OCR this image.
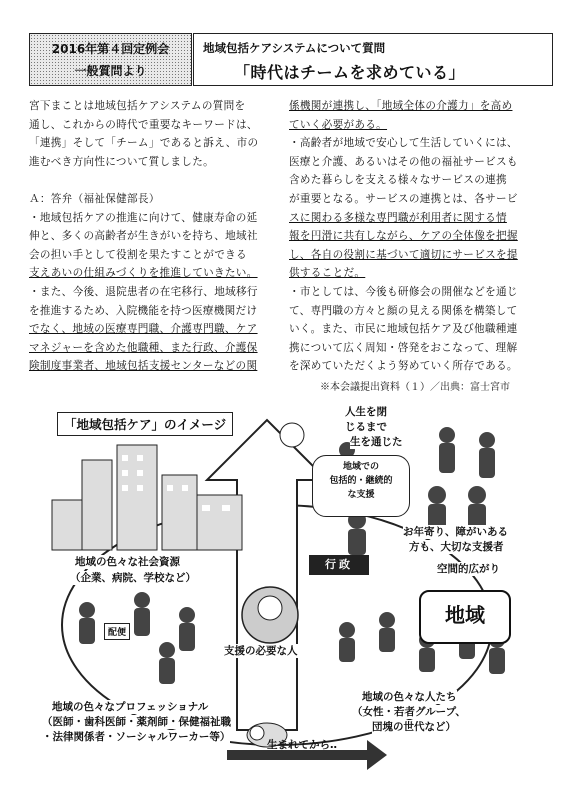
2016年第４回定例会
一般質問より
地域包括ケアシステムについて質問
「時代はチームを求めている」

宮下まことは地域包括ケアシステムの質問を

通し、これからの時代で重要なキーワードは、

「連携」そして「チーム」であると訴え、市の

進むべき方向性について質しました。

Ａ：答弁（福祉保健部長）

・地域包括ケアの推進に向けて、健康寿命の延

伸と、多くの高齢者が生きがいを持ち、地域社

会の担い手として役割を果たすことができる

支えあいの仕組みづくりを推進していきたい。

・また、今後、退院患者の在宅移行、地域移行

を推進するため、入院機能を持つ医療機関だけ

でなく、地域の医療専門職、介護専門職、ケア

マネジャーを含めた他職種、また行政、介護保

険制度事業者、地域包括支援センターなどの関

係機関が連携し、「地域全体の介護力」を高め

ていく必要がある。

・高齢者が地域で安心して生活していくには、

医療と介護、あるいはその他の福祉サービスも

含めた暮らしを支える様々なサービスの連携

が重要となる。サービスの連携とは、各サービ

スに関わる多様な専門職が利用者に関する情

報を円滑に共有しながら、ケアの全体像を把握

し、各自の役割に基づいて適切にサービスを提

供することだ。

・市としては、今後も研修会の開催などを通じ

て、専門職の方々と顔の見える関係を構築して

いく。また、市民に地域包括ケア及び他職種連

携について広く周知・啓発をおこなって、理解

を深めていただくよう努めていく所存である。

※本会議提出資料（１）／出典：富士宮市
「地域包括ケア」のイメージ
人生を閉
じるまで
生を通じた
地域での
包括的・継続的
な支援
お年寄り、障がいある
方も、大切な支援者
空間的広がり
地域
地域の色々な社会資源
（企業、病院、学校など）
行政
配便
支援の必要な人
地域の色々なプロフェッショナル
（医師・歯科医師・薬剤師・保健福祉職
・法律関係者・ソーシャルワーカー等）
地域の色々な人たち
（女性・若者グループ、
団塊の世代など）
生まれてから‥
